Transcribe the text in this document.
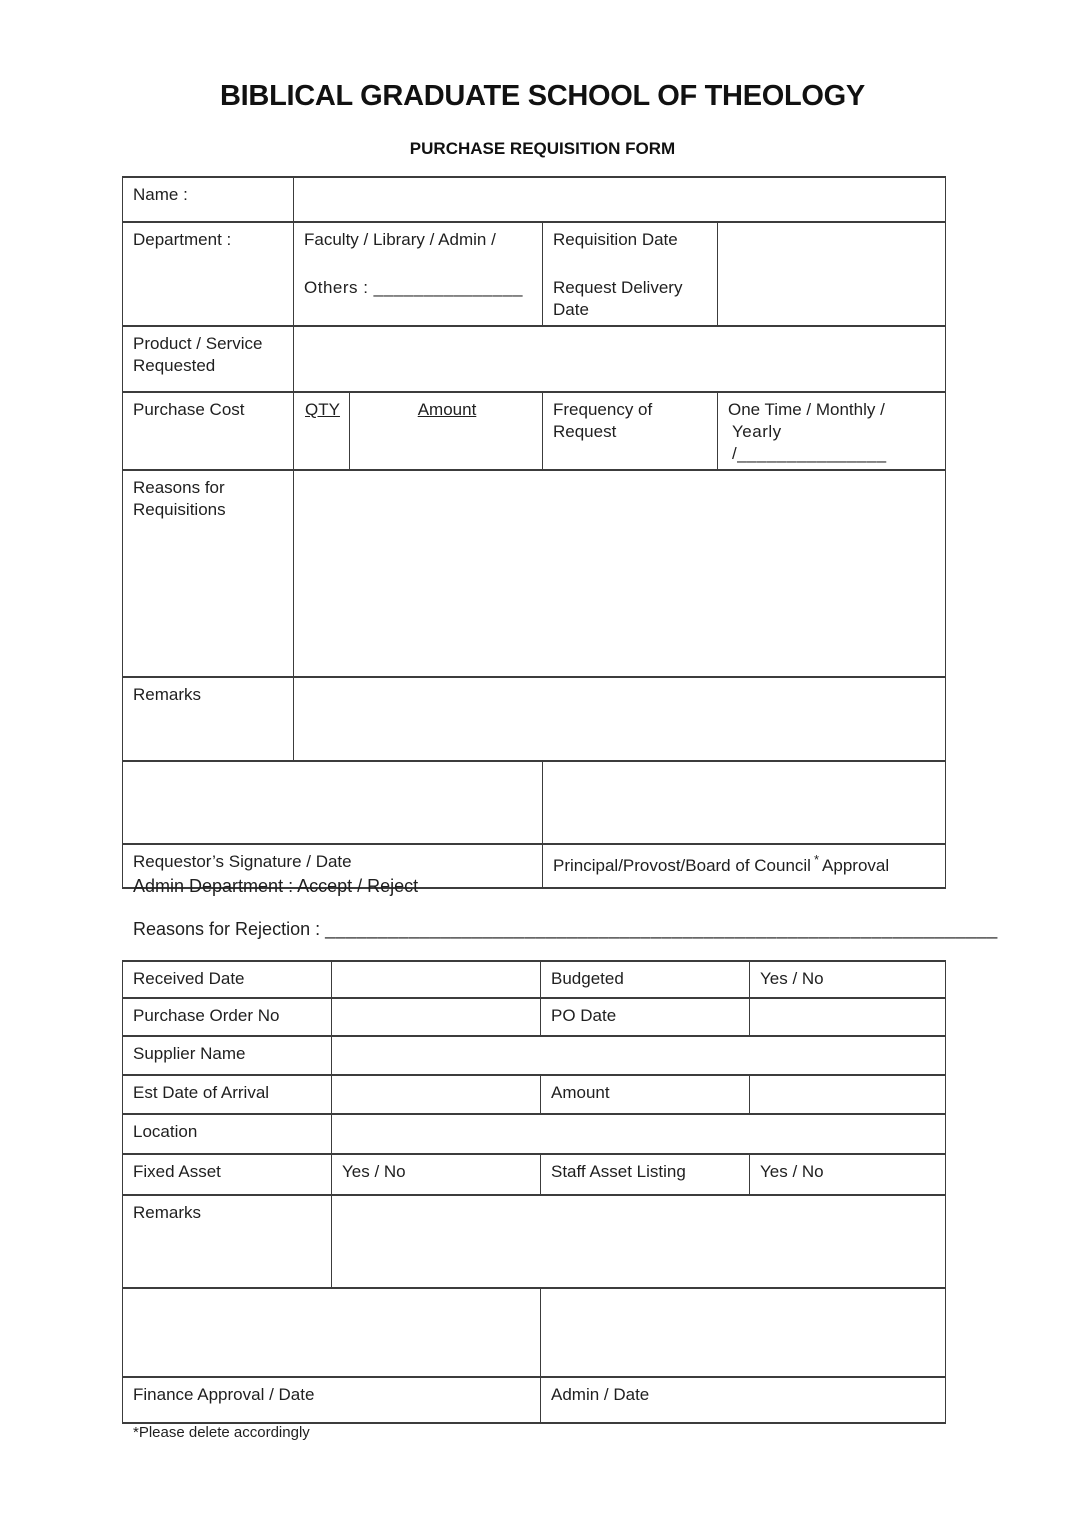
BIBLICAL GRADUATE SCHOOL OF THEOLOGY
PURCHASE REQUISITION FORM
Name :				
Department :	Faculty / Library / Admin /
Others : _______________

Requisition Date
Request Delivery Date

Product / Service Requested				
Purchase Cost	QTY	Amount	Frequency of Request	One Time / Monthly /
Yearly /_______________

Reasons for Requisitions				
Remarks				

Requestor’s Signature / Date			Principal/Provost/Board of Council * Approval	
Admin Department : Accept / Reject
Reasons for Rejection : ________________________________________________________________
Received Date		Budgeted	Yes / No
Purchase Order No		PO Date	
Supplier Name			
Est Date of Arrival		Amount	
Location			
Fixed Asset	Yes / No	Staff Asset Listing	Yes / No
Remarks			

Finance Approval / Date		Admin / Date	
*Please delete accordingly
